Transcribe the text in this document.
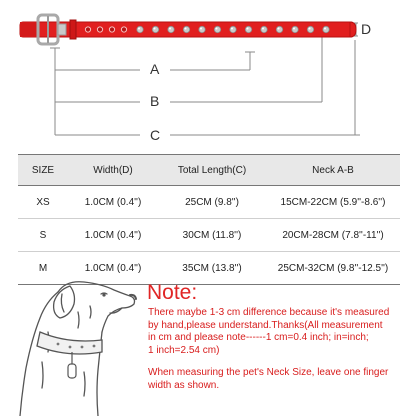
A
B
C
D
SIZE	Width(D)	Total Length(C)	Neck A-B
XS	1.0CM (0.4'')	25CM (9.8'')	15CM-22CM (5.9''-8.6'')
S	1.0CM (0.4'')	30CM (11.8'')	20CM-28CM (7.8''-11'')
M	1.0CM (0.4'')	35CM (13.8'')	25CM-32CM (9.8''-12.5'')
Note:
There maybe 1-3 cm difference because it's measured
by hand,please understand.Thanks(All measurement
in cm and please note------1 cm=0.4 inch; in=inch;
1 inch=2.54 cm)
When measuring the pet's Neck Size, leave one finger
width as shown.
